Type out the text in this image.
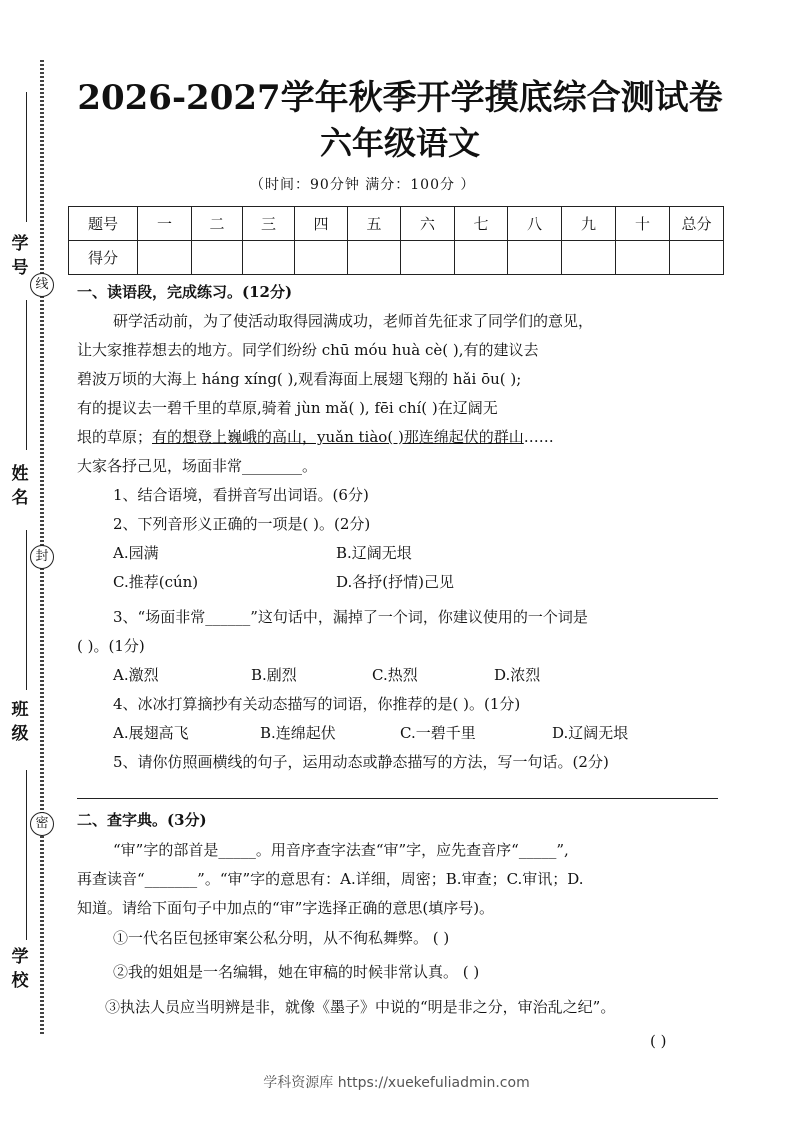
学号
线
姓名
封
班级
密
学校
2026-2027学年秋季开学摸底综合测试卷
六年级语文
（时间：90分钟 满分：100分 ）
题号	一	二	三	四	五	六	七	八	九	十	总分
得分											
一、读语段，完成练习。(12分)
研学活动前，为了使活动取得园满成功，老师首先征求了同学们的意见，
让大家推荐想去的地方。同学们纷纷 chū móu huà cè( ),有的建议去
碧波万顷的大海上 háng xíng( ),观看海面上展翅飞翔的 hǎi ōu( );
有的提议去一碧千里的草原,骑着 jùn mǎ( ), fēi chí( )在辽阔无
垠的草原；有的想登上巍峨的高山，yuǎn tiào( )那连绵起伏的群山……
大家各抒己见，场面非常________。
1、结合语境，看拼音写出词语。(6分)
2、下列音形义正确的一项是( )。(2分)
A.园满	B.辽阔无垠
C.推荐(cún)	D.各抒(抒情)己见
3、“场面非常______”这句话中，漏掉了一个词，你建议使用的一个词是
( )。(1分)
A.激烈	B.剧烈	C.热烈	D.浓烈
4、冰冰打算摘抄有关动态描写的词语，你推荐的是( )。(1分)
A.展翅高飞	B.连绵起伏	C.一碧千里	D.辽阔无垠
5、请你仿照画横线的句子，运用动态或静态描写的方法，写一句话。(2分)
二、查字典。(3分)
“审”字的部首是_____。用音序查字法查“审”字，应先查音序“_____”,
再查读音“_______”。“审”字的意思有：A.详细，周密；B.审查；C.审讯；D.
知道。请给下面句子中加点的“审”字选择正确的意思(填序号)。
①一代名臣包拯审案公私分明，从不徇私舞弊。 ( )
②我的姐姐是一名编辑，她在审稿的时候非常认真。 ( )
③执法人员应当明辨是非，就像《墨子》中说的“明是非之分，审治乱之纪”。
( )
学科资源库 https://xuekefuliadmin.com
